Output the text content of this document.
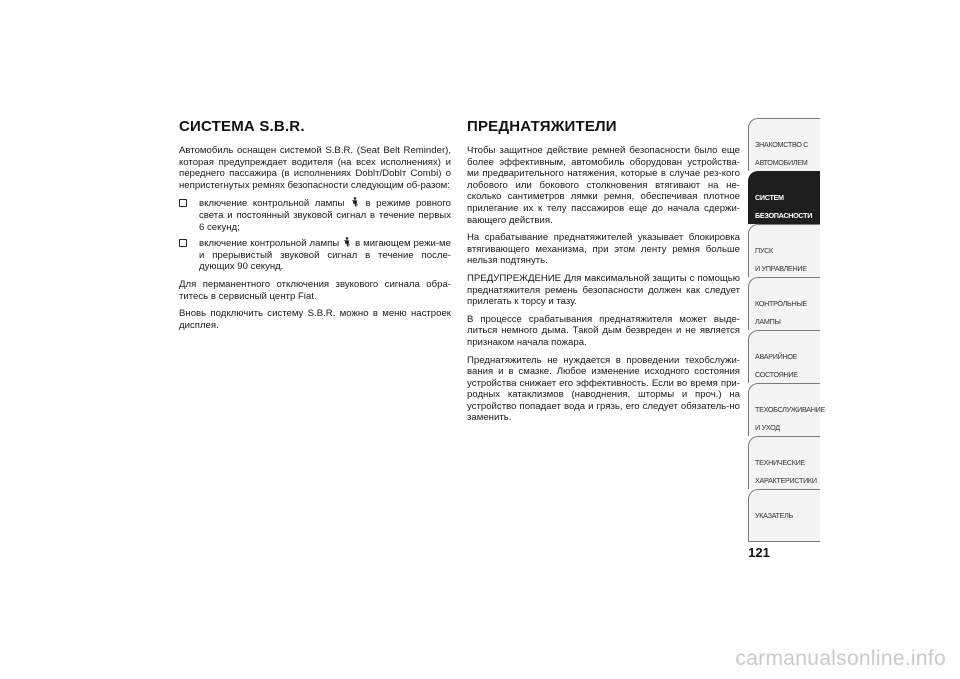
СИСТЕМА S.B.R.

Автомобиль оснащен системой S.B.R. (Seat Belt Reminder), которая предупреждает водителя (на всех исполнениях) и переднего пассажира (в исполнениях Doblт/Doblт Combi) о непристегнутых ремнях безопасности следующим об-разом:

включение контрольной лампы в режиме ровного света и постоянный звуковой сигнал в течение первых 6 секунд;
включение контрольной лампы в мигающем режи-ме и прерывистый звуковой сигнал в течение после-дующих 90 секунд.

Для перманентного отключения звукового сигнала обра-титесь в сервисный центр Fiat.

Вновь подключить систему S.B.R. можно в меню настроек дисплея.

ПРЕДНАТЯЖИТЕЛИ

Чтобы защитное действие ремней безопасности было еще более эффективным, автомобиль оборудован устройства-ми предварительного натяжения, которые в случае рез-кого лобового или бокового столкновения втягивают на не-сколько сантиметров лямки ремня, обеспечивая плотное прилегание их к телу пассажиров еще до начала сдержи-вающего действия.

На срабатывание преднатяжителей указывает блокировка втягивающего механизма, при этом ленту ремня больше нельзя подтянуть.

ПРЕДУПРЕЖДЕНИЕ Для максимальной защиты с помощью преднатяжителя ремень безопасности должен как следует прилегать к торсу и тазу.

В процессе срабатывания преднатяжителя может выде-литься немного дыма. Такой дым безвреден и не является признаком начала пожара.

Преднатяжитель не нуждается в проведении техобслужи-вания и в смазке. Любое изменение исходного состояния устройства снижает его эффективность. Если во время при-родных катаклизмов (наводнения, штормы и проч.) на устройство попадает вода и грязь, его следует обязатель-но заменить.

ЗНАКОМСТВО С
АВТОМОБИЛЕМ
СИСТЕМ
БЕЗОПАСНОСТИ
ПУСК
И УПРАВЛЕНИЕ

КОНТРОЛЬНЫЕ
ЛАМПЫ

АВАРИЙНОЕ
СОСТОЯНИЕ
ТЕХОБСЛУЖИВАНИЕ
И УХОД
ТЕХНИЧЕСКИЕ
ХАРАКТЕРИСТИКИ
УКАЗАТЕЛЬ
121
carmanualsonline.info
